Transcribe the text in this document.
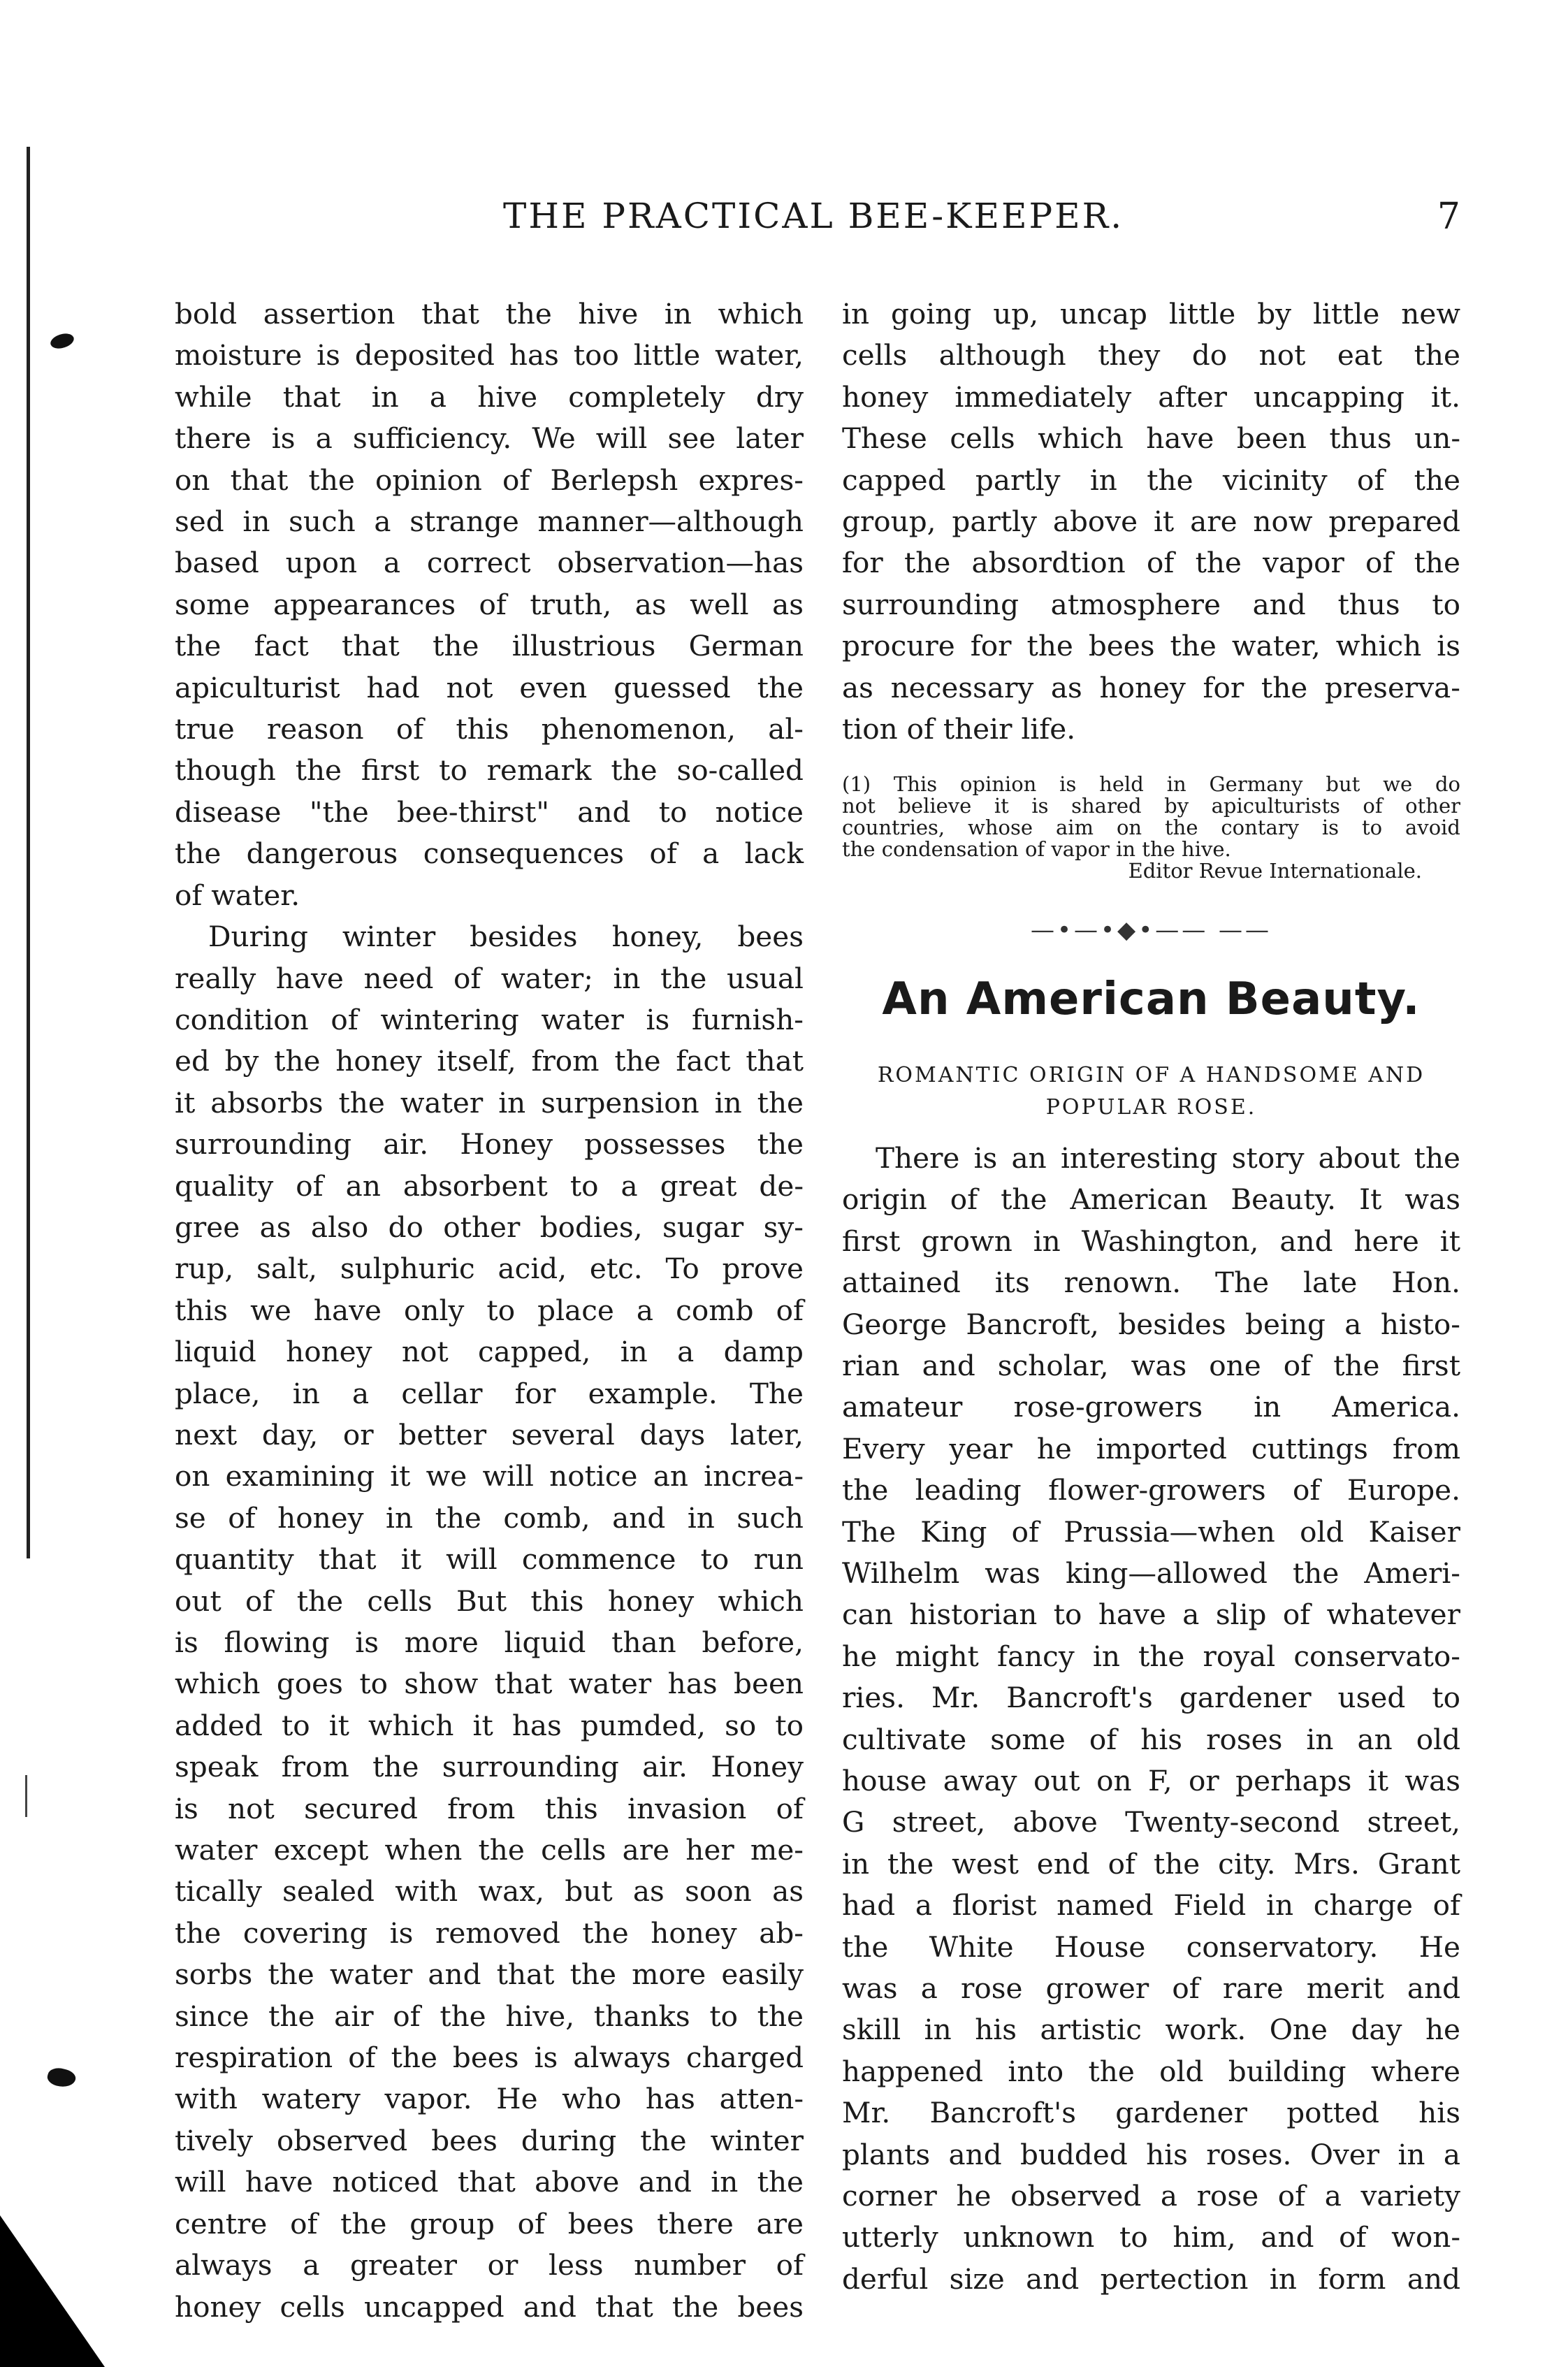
THE PRACTICAL BEE-KEEPER.	7
bold assertion that the hive in which
moisture is deposited has too little water,
while that in a hive completely dry
there is a sufficiency. We will see later
on that the opinion of Berlepsh expres-
sed in such a strange manner—although
based upon a correct observation—has
some appearances of truth, as well as
the fact that the illustrious German
apiculturist had not even guessed the
true reason of this phenomenon, al-
though the first to remark the so-called
disease "the bee-thirst" and to notice
the dangerous consequences of a lack
of water.
During winter besides honey, bees
really have need of water; in the usual
condition of wintering water is furnish-
ed by the honey itself, from the fact that
it absorbs the water in surpension in the
surrounding air. Honey possesses the
quality of an absorbent to a great de-
gree as also do other bodies, sugar sy-
rup, salt, sulphuric acid, etc. To prove
this we have only to place a comb of
liquid honey not capped, in a damp
place, in a cellar for example. The
next day, or better several days later,
on examining it we will notice an increa-
se of honey in the comb, and in such
quantity that it will commence to run
out of the cells But this honey which
is flowing is more liquid than before,
which goes to show that water has been
added to it which it has pumded, so to
speak from the surrounding air. Honey
is not secured from this invasion of
water except when the cells are her me-
tically sealed with wax, but as soon as
the covering is removed the honey ab-
sorbs the water and that the more easily
since the air of the hive, thanks to the
respiration of the bees is always charged
with watery vapor. He who has atten-
tively observed bees during the winter
will have noticed that above and in the
centre of the group of bees there are
always a greater or less number of
honey cells uncapped and that the bees
in going up, uncap little by little new
cells although they do not eat the
honey immediately after uncapping it.
These cells which have been thus un-
capped partly in the vicinity of the
group, partly above it are now prepared
for the absordtion of the vapor of the
surrounding atmosphere and thus to
procure for the bees the water, which is
as necessary as honey for the preserva-
tion of their life.
(1) This opinion is held in Germany but we do
not believe it is shared by apiculturists of other
countries, whose aim on the contary is to avoid
the condensation of vapor in the hive.
Editor Revue Internationale.
—•—•◆•—— ——
An American Beauty.
ROMANTIC ORIGIN OF A HANDSOME AND
POPULAR ROSE.
There is an interesting story about the
origin of the American Beauty. It was
first grown in Washington, and here it
attained its renown. The late Hon.
George Bancroft, besides being a histo-
rian and scholar, was one of the first
amateur rose-growers in America.
Every year he imported cuttings from
the leading flower-growers of Europe.
The King of Prussia—when old Kaiser
Wilhelm was king—allowed the Ameri-
can historian to have a slip of whatever
he might fancy in the royal conservato-
ries. Mr. Bancroft's gardener used to
cultivate some of his roses in an old
house away out on F, or perhaps it was
G street, above Twenty-second street,
in the west end of the city. Mrs. Grant
had a florist named Field in charge of
the White House conservatory. He
was a rose grower of rare merit and
skill in his artistic work. One day he
happened into the old building where
Mr. Bancroft's gardener potted his
plants and budded his roses. Over in a
corner he observed a rose of a variety
utterly unknown to him, and of won-
derful size and pertection in form and
